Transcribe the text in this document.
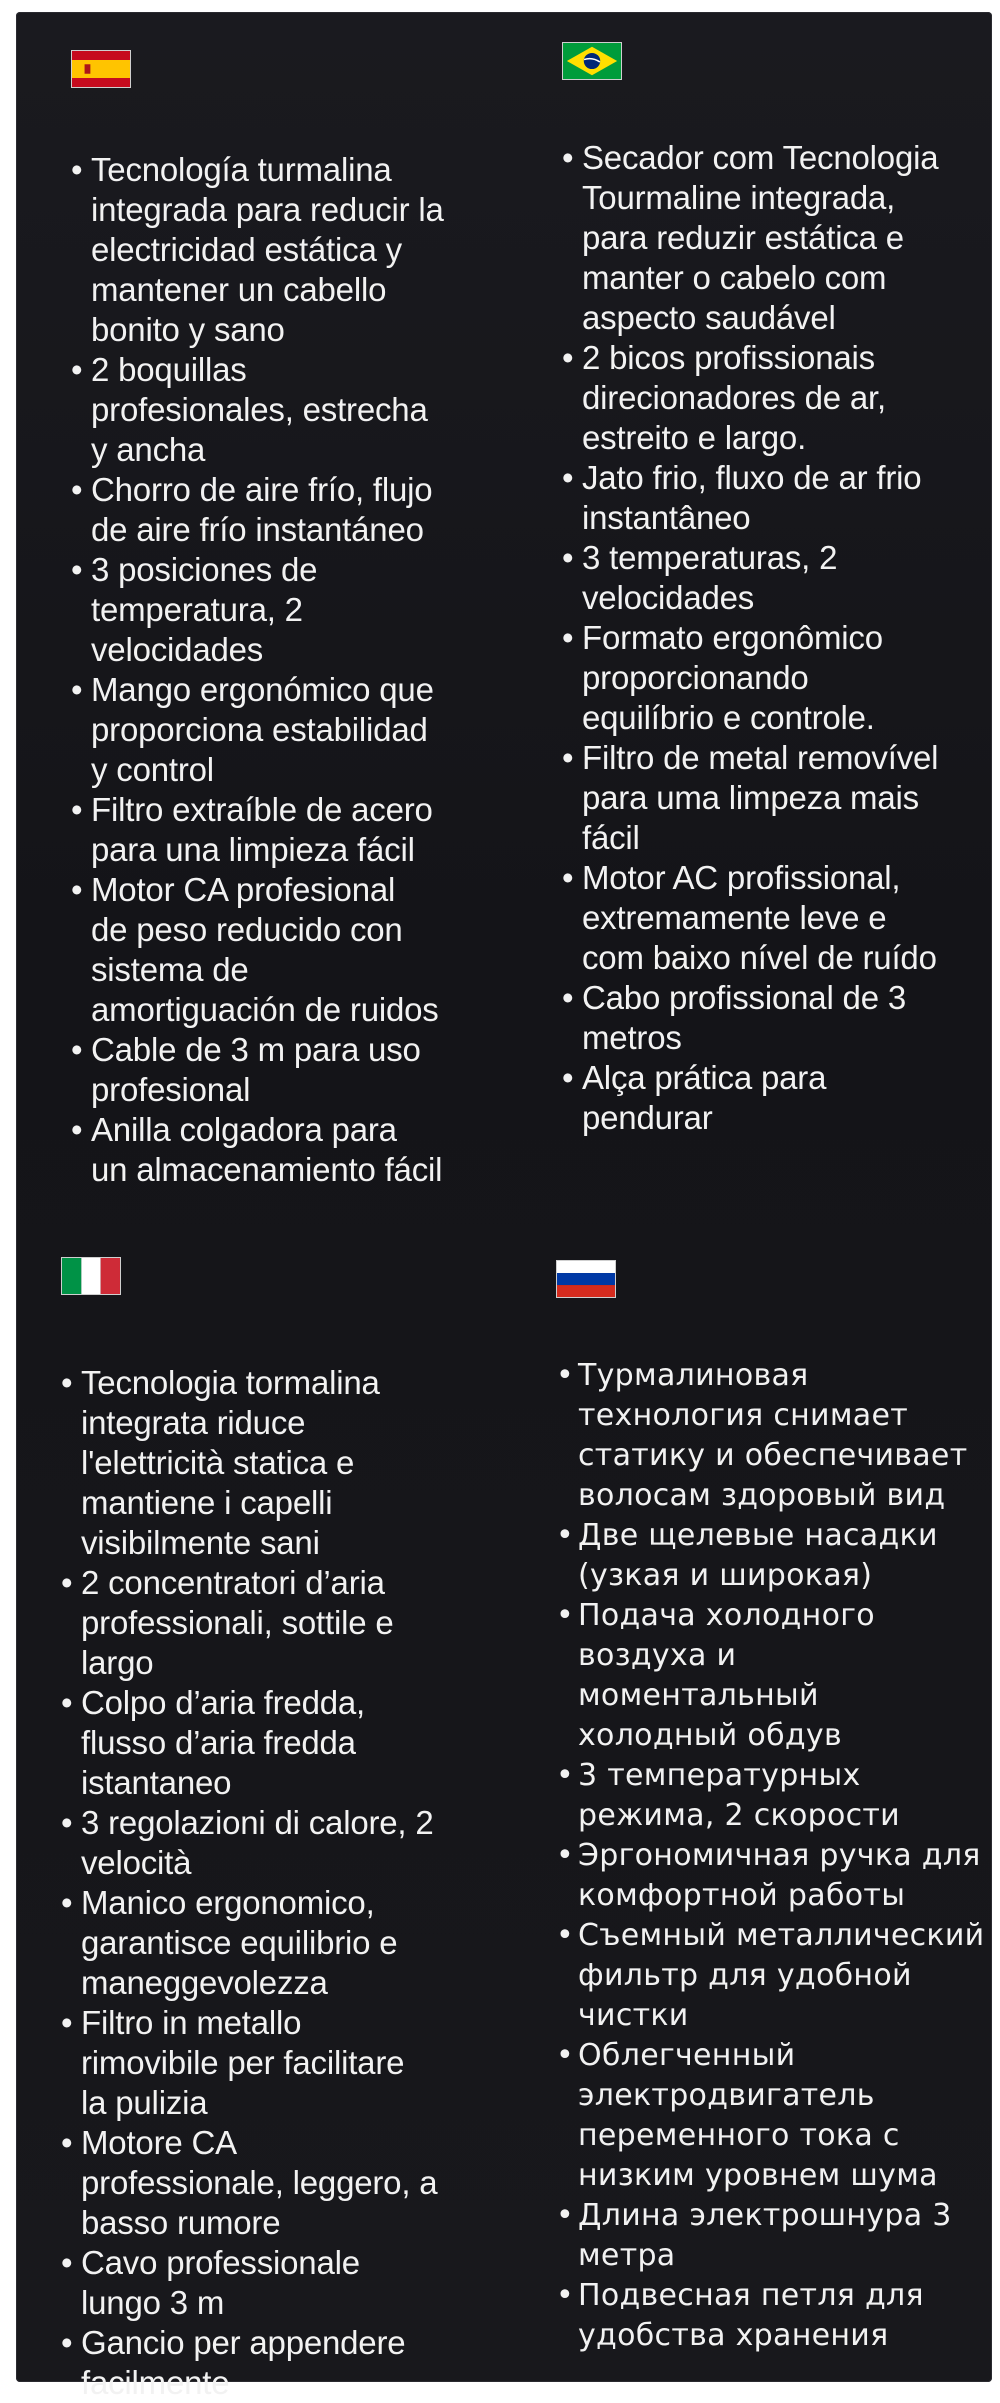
• Tecnología turmalina
integrada para reducir la
electricidad estática y
mantener un cabello
bonito y sano
• 2 boquillas
profesionales, estrecha
y ancha
• Chorro de aire frío, flujo
de aire frío instantáneo
• 3 posiciones de
temperatura, 2
velocidades
• Mango ergonómico que
proporciona estabilidad
y control
• Filtro extraíble de acero
para una limpieza fácil
• Motor CA profesional
de peso reducido con
sistema de
amortiguación de ruidos
• Cable de 3 m para uso
profesional
• Anilla colgadora para
un almacenamiento fácil
• Secador com Tecnologia
Tourmaline integrada,
para reduzir estática e
manter o cabelo com
aspecto saudável
• 2 bicos profissionais
direcionadores de ar,
estreito e largo.
• Jato frio, fluxo de ar frio
instantâneo
• 3 temperaturas, 2
velocidades
• Formato ergonômico
proporcionando
equilíbrio e controle.
• Filtro de metal removível
para uma limpeza mais
fácil
• Motor AC profissional,
extremamente leve e
com baixo nível de ruído
• Cabo profissional de 3
metros
• Alça prática para
pendurar
• Tecnologia tormalina
integrata riduce
l'elettricità statica e
mantiene i capelli
visibilmente sani
• 2 concentratori d’aria
professionali, sottile e
largo
• Colpo d’aria fredda,
flusso d’aria fredda
istantaneo
• 3 regolazioni di calore, 2
velocità
• Manico ergonomico,
garantisce equilibrio e
maneggevolezza
• Filtro in metallo
rimovibile per facilitare
la pulizia
• Motore CA
professionale, leggero, a
basso rumore
• Cavo professionale
lungo 3 m
• Gancio per appendere
facilmente
• Турмалиновая
технология снимает
статику и обеспечивает
волосам здоровый вид
• Две щелевые насадки
(узкая и широкая)
• Подача холодного
воздуха и
моментальный
холодный обдув
• 3 температурных
режима, 2 скорости
• Эргономичная ручка для
комфортной работы
• Съемный металлический
фильтр для удобной
чистки
• Облегченный
электродвигатель
переменного тока с
низким уровнем шума
• Длина электрошнура 3
метра
• Подвесная петля для
удобства хранения
